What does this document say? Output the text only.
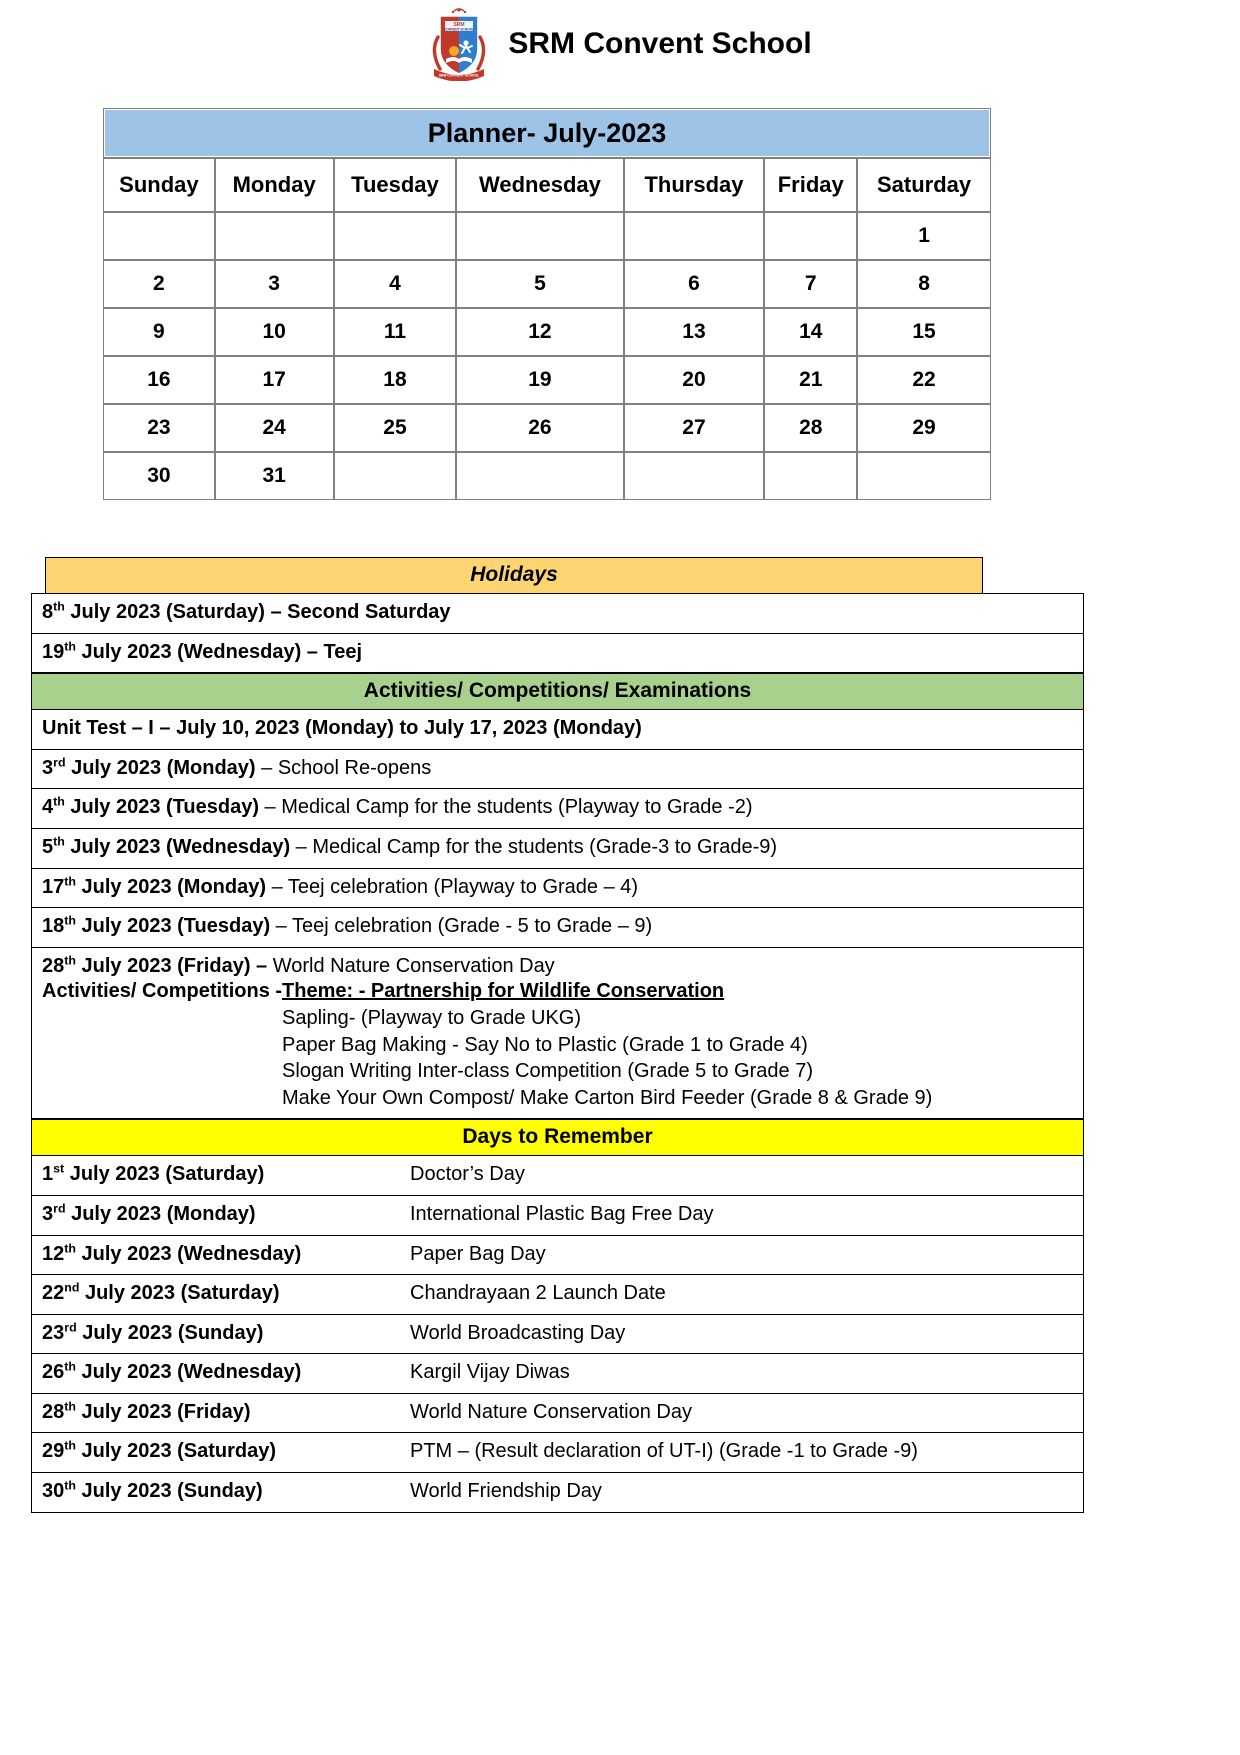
SRM
CONVENT SCHOOL
SRM CONVENT SCHOOL
SRM Convent School
Planner- July-2023						
Sunday	Monday	Tuesday	Wednesday	Thursday	Friday	Saturday
						1
2	3	4	5	6	7	8
9	10	11	12	13	14	15
16	17	18	19	20	21	22
23	24	25	26	27	28	29
30	31					
Holidays
8th July 2023 (Saturday) – Second Saturday
19th July 2023 (Wednesday) – Teej
Activities/ Competitions/ Examinations
Unit Test – I – July 10, 2023 (Monday) to July 17, 2023 (Monday)
3rd July 2023 (Monday) – School Re-opens
4th July 2023 (Tuesday) – Medical Camp for the students (Playway to Grade -2)
5th July 2023 (Wednesday) – Medical Camp for the students (Grade-3 to Grade-9)
17th July 2023 (Monday) – Teej celebration (Playway to Grade – 4)
18th July 2023 (Tuesday) – Teej celebration (Grade - 5 to Grade – 9)
28th July 2023 (Friday) – World Nature Conservation Day
Activities/ Competitions -Theme: - Partnership for Wildlife Conservation
Sapling- (Playway to Grade UKG)
Paper Bag Making - Say No to Plastic (Grade 1 to Grade 4)
Slogan Writing Inter-class Competition (Grade 5 to Grade 7)
Make Your Own Compost/ Make Carton Bird Feeder (Grade 8 & Grade 9)
Days to Remember
1st July 2023 (Saturday)	Doctor’s Day
3rd July 2023 (Monday)	International Plastic Bag Free Day
12th July 2023 (Wednesday)	Paper Bag Day
22nd July 2023 (Saturday)	Chandrayaan 2 Launch Date
23rd July 2023 (Sunday)	World Broadcasting Day
26th July 2023 (Wednesday)	Kargil Vijay Diwas
28th July 2023 (Friday)	World Nature Conservation Day
29th July 2023 (Saturday)	PTM – (Result declaration of UT-I) (Grade -1 to Grade -9)
30th July 2023 (Sunday)	World Friendship Day
